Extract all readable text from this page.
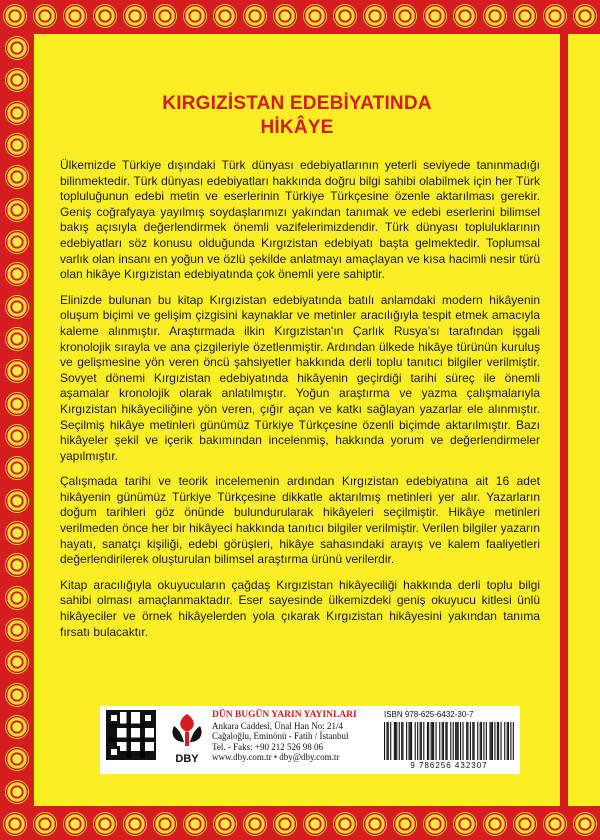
KIRGIZİSTAN EDEBİYATINDA
HİKÂYE

Ülkemizde Türkiye dışındaki Türk dünyası edebiyatlarının yeterli seviyede tanınmadığı bilinmektedir. Türk dünyası edebiyatları hakkında doğru bilgi sahibi olabilmek için her Türk topluluğunun edebi metin ve eserlerinin Türkiye Türkçesine özenle aktarılması gerekir. Geniş coğrafyaya yayılmış soydaşlarımızı yakından tanımak ve edebi eserlerini bilimsel bakış açısıyla değerlendirmek önemli vazifelerimizdendir. Türk dünyası topluluklarının edebiyatları söz konusu olduğunda Kırgızistan edebiyatı başta gelmektedir. Toplumsal varlık olan insanı en yoğun ve özlü şekilde anlatmayı amaçlayan ve kısa hacimli nesir türü olan hikâye Kırgızistan edebiyatında çok önemli yere sahiptir.

Elinizde bulunan bu kitap Kırgızistan edebiyatında batılı anlamdaki modern hikâyenin oluşum biçimi ve gelişim çizgisini kaynaklar ve metinler aracılığıyla tespit etmek amacıyla kaleme alınmıştır. Araştırmada ilkin Kırgızistan'ın Çarlık Rusya'sı tarafından işgali kronolojik sırayla ve ana çizgileriyle özetlenmiştir. Ardından ülkede hikâye türünün kuruluş ve gelişmesine yön veren öncü şahsiyetler hakkında derli toplu tanıtıcı bilgiler verilmiştir. Sovyet dönemi Kırgızistan edebiyatında hikâyenin geçirdiği tarihi süreç ile önemli aşamalar kronolojik olarak anlatılmıştır. Yoğun araştırma ve yazma çalışmalarıyla Kırgızistan hikâyeciliğine yön veren, çığır açan ve katkı sağlayan yazarlar ele alınmıştır. Seçilmiş hikâye metinleri günümüz Türkiye Türkçesine özenli biçimde aktarılmıştır. Bazı hikâyeler şekil ve içerik bakımından incelenmiş, hakkında yorum ve değerlendirmeler yapılmıştır.

Çalışmada tarihi ve teorik incelemenin ardından Kırgızistan edebiyatına ait 16 adet hikâyenin günümüz Türkiye Türkçesine dikkatle aktarılmış metinleri yer alır. Yazarların doğum tarihleri göz önünde bulundurularak hikâyeleri seçilmiştir. Hikâye metinleri verilmeden önce her bir hikâyeci hakkında tanıtıcı bilgiler verilmiştir. Verilen bilgiler yazarın hayatı, sanatçı kişiliği, edebi görüşleri, hikâye sahasındaki arayış ve kalem faaliyetleri değerlendirilerek oluşturulan bilimsel araştırma ürünü verilerdir.

Kitap aracılığıyla okuyucuların çağdaş Kırgızistan hikâyeciliği hakkında derli toplu bilgi sahibi olması amaçlanmaktadır. Eser sayesinde ülkemizdeki geniş okuyucu kitlesi ünlü hikâyeciler ve örnek hikâyelerden yola çıkarak Kırgızistan hikâyesini yakından tanıma fırsatı bulacaktır.

DBY
DÜN BUGÜN YARIN YAYINLARI
Ankara Caddesi, Ünal Han No: 21/4
Cağaloğlu, Eminönü - Fatih / İstanbul
Tel. - Faks: +90 212 526 98 06
www.dby.com.tr • dby@dby.com.tr
ISBN 978-625-6432-30-7
9 786256 432307
